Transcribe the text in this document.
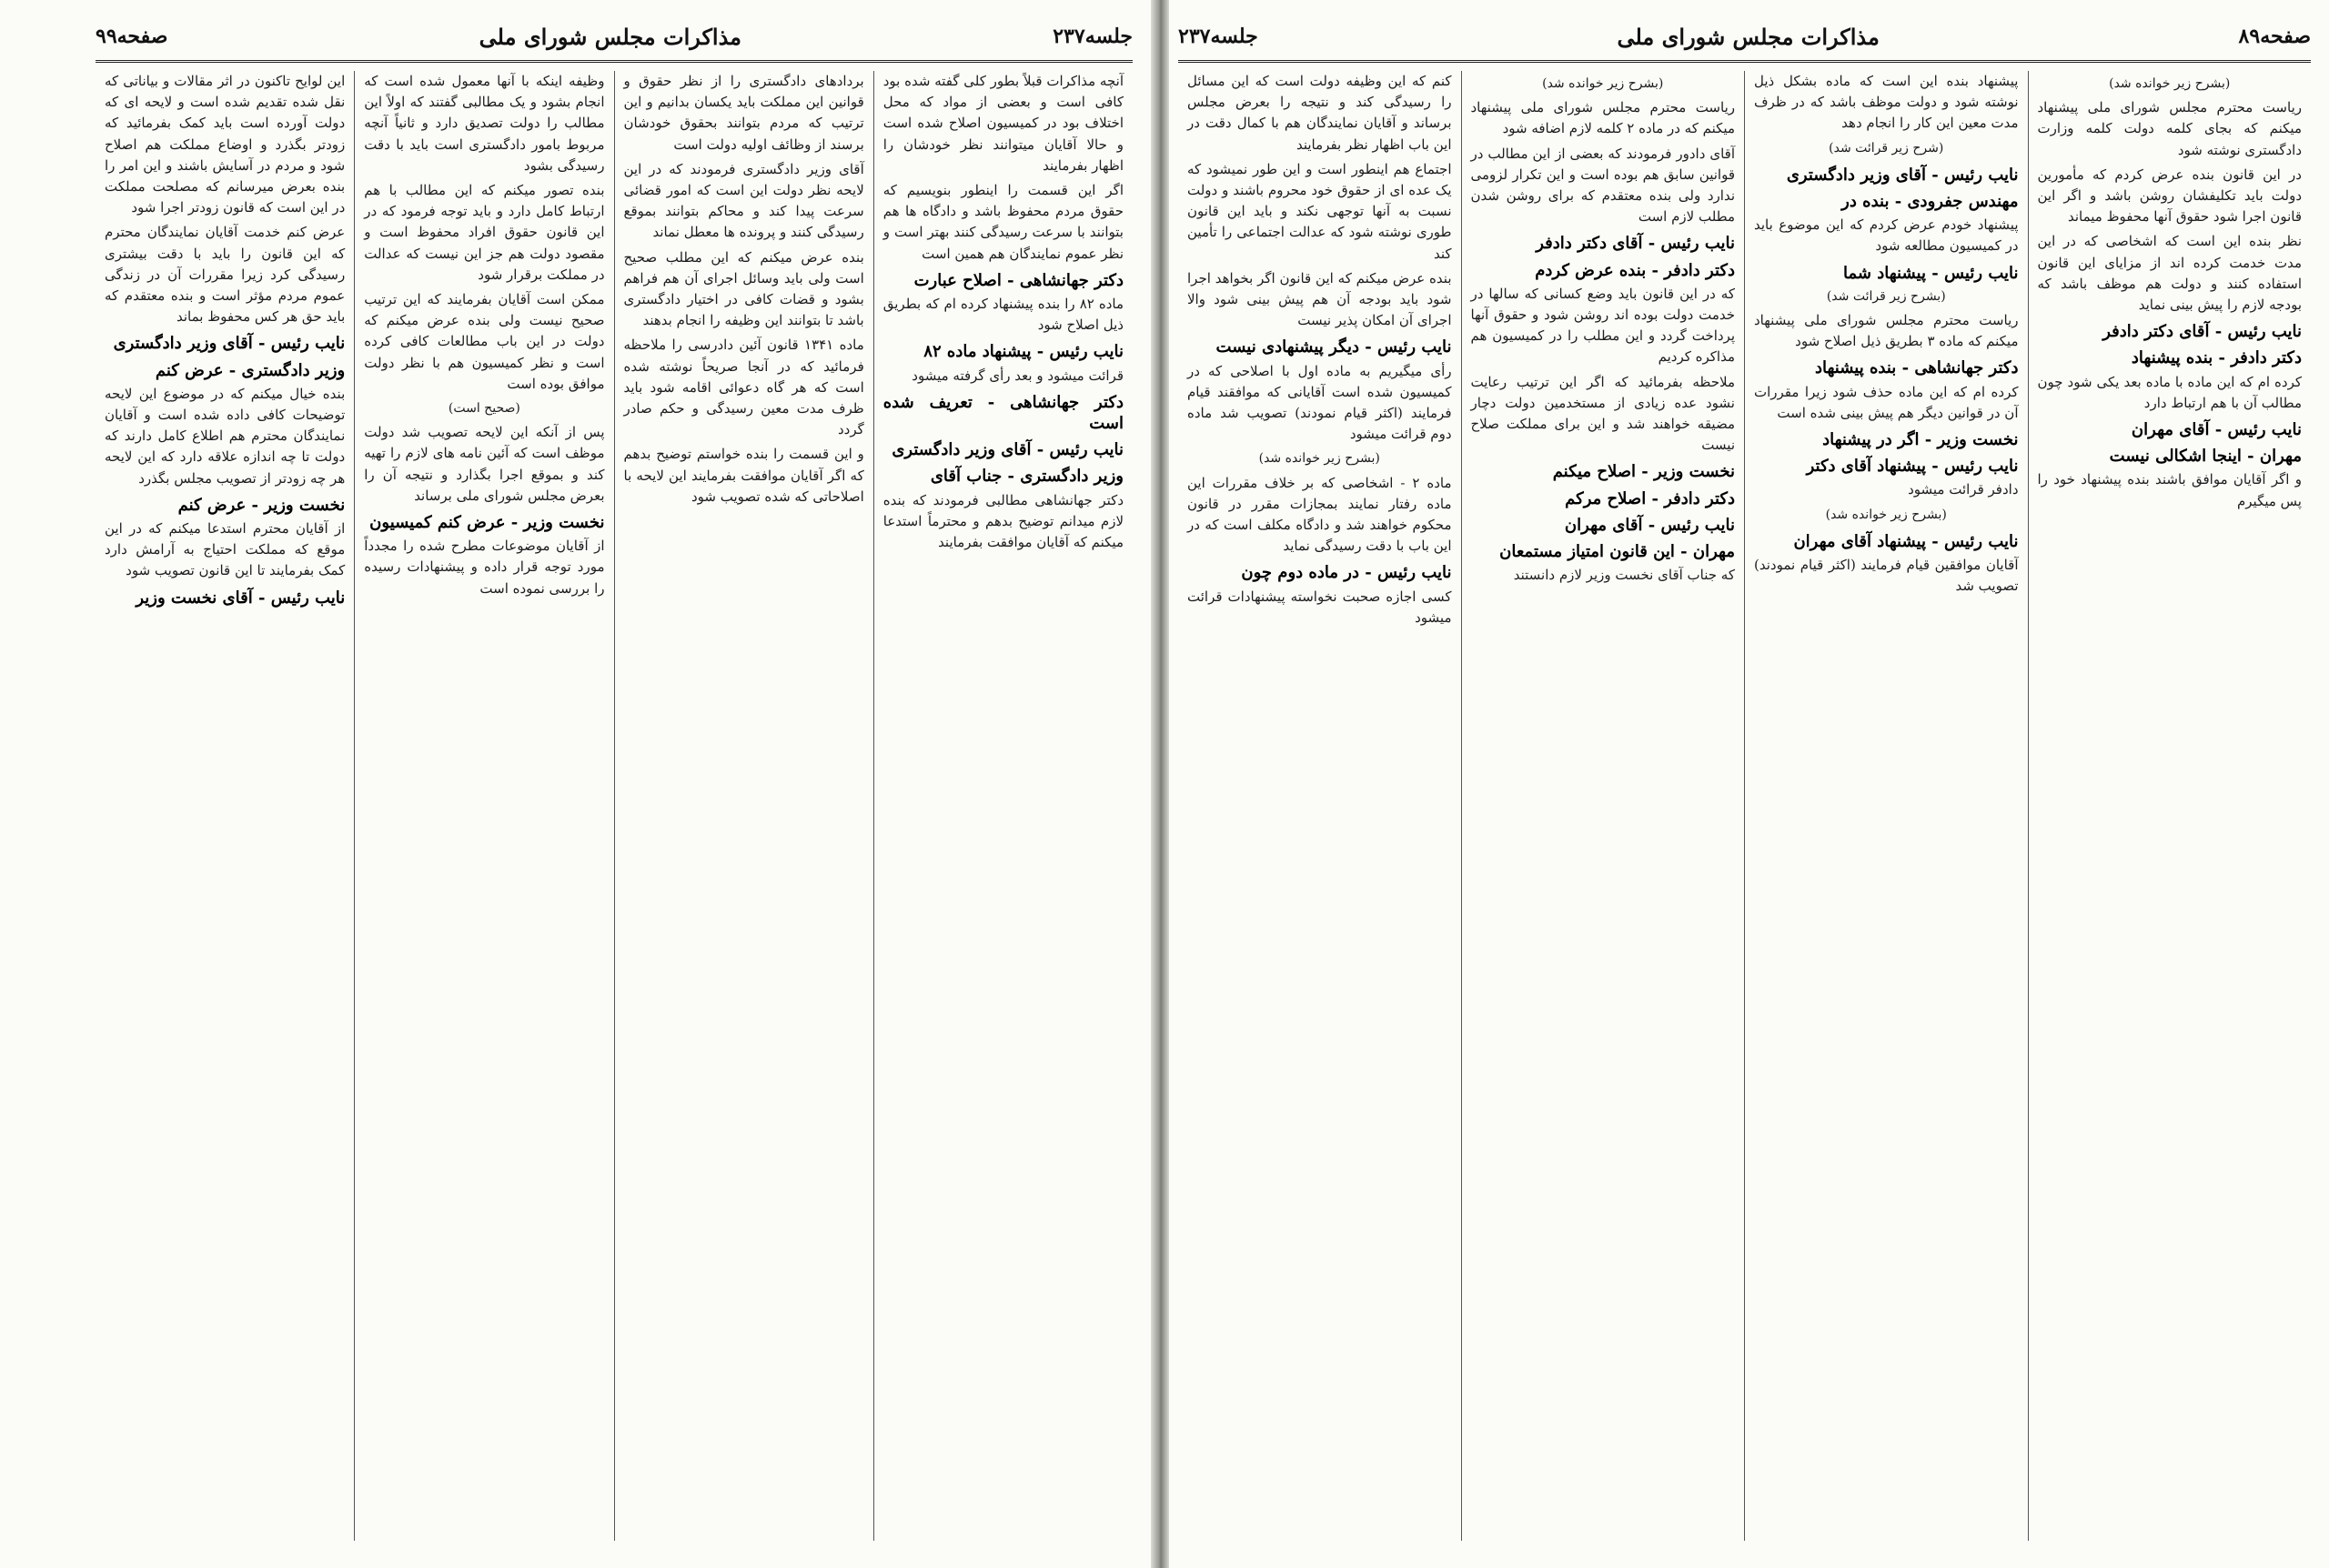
جلسه۲۳۷
مذاکرات مجلس شورای ملی
صفحه۹۹
آنچه مذاکرات قبلاً بطور کلی گفته شده بود کافی است و بعضی از مواد که محل اختلاف بود در کمیسیون اصلاح شده است و حالا آقایان میتوانند نظر خودشان را اظهار بفرمایند
اگر این قسمت را اینطور بنویسیم که حقوق مردم محفوظ باشد و دادگاه ها هم بتوانند با سرعت رسیدگی کنند بهتر است و نظر عموم نمایندگان هم همین است
دکتر جهانشاهی - اصلاح عبارت
ماده ۸۲ را بنده پیشنهاد کرده ام که بطریق ذیل اصلاح شود
نایب رئیس - پیشنهاد ماده ۸۲
قرائت میشود و بعد رأی گرفته میشود
دکتر جهانشاهی - تعریف شده است
نایب رئیس - آقای وزیر دادگستری
وزیر دادگستری - جناب آقای
دکتر جهانشاهی مطالبی فرمودند که بنده لازم میدانم توضیح بدهم و محترماً استدعا میکنم که آقایان موافقت بفرمایند
بردادهای دادگستری را از نظر حقوق و قوانین این مملکت باید یکسان بدانیم و این ترتیب که مردم بتوانند بحقوق خودشان برسند از وظائف اولیه دولت است
آقای وزیر دادگستری فرمودند که در این لایحه نظر دولت این است که امور قضائی سرعت پیدا کند و محاکم بتوانند بموقع رسیدگی کنند و پرونده ها معطل نماند
بنده عرض میکنم که این مطلب صحیح است ولی باید وسائل اجرای آن هم فراهم بشود و قضات کافی در اختیار دادگستری باشد تا بتوانند این وظیفه را انجام بدهند
ماده ۱۳۴۱ قانون آئین دادرسی را ملاحظه فرمائید که در آنجا صریحاً نوشته شده است که هر گاه دعوائی اقامه شود باید ظرف مدت معین رسیدگی و حکم صادر گردد
و این قسمت را بنده خواستم توضیح بدهم که اگر آقایان موافقت بفرمایند این لایحه با اصلاحاتی که شده تصویب شود
وظیفه اینکه با آنها معمول شده است که انجام بشود و یک مطالبی گفتند که اولاً این مطالب را دولت تصدیق دارد و ثانیاً آنچه مربوط بامور دادگستری است باید با دقت رسیدگی بشود
بنده تصور میکنم که این مطالب با هم ارتباط کامل دارد و باید توجه فرمود که در این قانون حقوق افراد محفوظ است و مقصود دولت هم جز این نیست که عدالت در مملکت برقرار شود
ممکن است آقایان بفرمایند که این ترتیب صحیح نیست ولی بنده عرض میکنم که دولت در این باب مطالعات کافی کرده است و نظر کمیسیون هم با نظر دولت موافق بوده است
(صحیح است)
پس از آنکه این لایحه تصویب شد دولت موظف است که آئین نامه های لازم را تهیه کند و بموقع اجرا بگذارد و نتیجه آن را بعرض مجلس شورای ملی برساند
نخست وزیر - عرض کنم کمیسیون
از آقایان موضوعات مطرح شده را مجدداً مورد توجه قرار داده و پیشنهادات رسیده را بررسی نموده است
این لوایح تاکنون در اثر مقالات و بیاناتی که نقل شده تقدیم شده است و لایحه ای که دولت آورده است باید کمک بفرمائید که زودتر بگذرد و اوضاع مملکت هم اصلاح شود و مردم در آسایش باشند و این امر را بنده بعرض میرسانم که مصلحت مملکت در این است که قانون زودتر اجرا شود
عرض کنم خدمت آقایان نمایندگان محترم که این قانون را باید با دقت بیشتری رسیدگی کرد زیرا مقررات آن در زندگی عموم مردم مؤثر است و بنده معتقدم که باید حق هر کس محفوظ بماند
نایب رئیس - آقای وزیر دادگستری
وزیر دادگستری - عرض کنم
بنده خیال میکنم که در موضوع این لایحه توضیحات کافی داده شده است و آقایان نمایندگان محترم هم اطلاع کامل دارند که دولت تا چه اندازه علاقه دارد که این لایحه هر چه زودتر از تصویب مجلس بگذرد
نخست وزیر - عرض کنم
از آقایان محترم استدعا میکنم که در این موقع که مملکت احتیاج به آرامش دارد کمک بفرمایند تا این قانون تصویب شود
نایب رئیس - آقای نخست وزیر
صفحه۸۹
مذاکرات مجلس شورای ملی
جلسه۲۳۷
(بشرح زیر خوانده شد)
ریاست محترم مجلس شورای ملی پیشنهاد میکنم که بجای کلمه دولت کلمه وزارت دادگستری نوشته شود
در این قانون بنده عرض کردم که مأمورین دولت باید تکلیفشان روشن باشد و اگر این قانون اجرا شود حقوق آنها محفوظ میماند
نظر بنده این است که اشخاصی که در این مدت خدمت کرده اند از مزایای این قانون استفاده کنند و دولت هم موظف باشد که بودجه لازم را پیش بینی نماید
نایب رئیس - آقای دکتر دادفر
دکتر دادفر - بنده پیشنهاد
کرده ام که این ماده با ماده بعد یکی شود چون مطالب آن با هم ارتباط دارد
نایب رئیس - آقای مهران
مهران - اینجا اشکالی نیست
و اگر آقایان موافق باشند بنده پیشنهاد خود را پس میگیرم
پیشنهاد بنده این است که ماده بشکل ذیل نوشته شود و دولت موظف باشد که در ظرف مدت معین این کار را انجام دهد
(شرح زیر قرائت شد)
نایب رئیس - آقای وزیر دادگستری
مهندس جفرودی - بنده در
پیشنهاد خودم عرض کردم که این موضوع باید در کمیسیون مطالعه شود
نایب رئیس - پیشنهاد شما
(بشرح زیر قرائت شد)
ریاست محترم مجلس شورای ملی پیشنهاد میکنم که ماده ۳ بطریق ذیل اصلاح شود
دکتر جهانشاهی - بنده پیشنهاد
کرده ام که این ماده حذف شود زیرا مقررات آن در قوانین دیگر هم پیش بینی شده است
نخست وزیر - اگر در پیشنهاد
نایب رئیس - پیشنهاد آقای دکتر
دادفر قرائت میشود
(بشرح زیر خوانده شد)
نایب رئیس - پیشنهاد آقای مهران
آقایان موافقین قیام فرمایند (اکثر قیام نمودند) تصویب شد
(بشرح زیر خوانده شد)
ریاست محترم مجلس شورای ملی پیشنهاد میکنم که در ماده ۲ کلمه لازم اضافه شود
آقای دادور فرمودند که بعضی از این مطالب در قوانین سابق هم بوده است و این تکرار لزومی ندارد ولی بنده معتقدم که برای روشن شدن مطلب لازم است
نایب رئیس - آقای دکتر دادفر
دکتر دادفر - بنده عرض کردم
که در این قانون باید وضع کسانی که سالها در خدمت دولت بوده اند روشن شود و حقوق آنها پرداخت گردد و این مطلب را در کمیسیون هم مذاکره کردیم
ملاحظه بفرمائید که اگر این ترتیب رعایت نشود عده زیادی از مستخدمین دولت دچار مضیقه خواهند شد و این برای مملکت صلاح نیست
نخست وزیر - اصلاح میکنم
دکتر دادفر - اصلاح مرکم
نایب رئیس - آقای مهران
مهران - این قانون امتیاز مستمعان
که جناب آقای نخست وزیر لازم دانستند
کنم که این وظیفه دولت است که این مسائل را رسیدگی کند و نتیجه را بعرض مجلس برساند و آقایان نمایندگان هم با کمال دقت در این باب اظهار نظر بفرمایند
اجتماع هم اینطور است و این طور نمیشود که یک عده ای از حقوق خود محروم باشند و دولت نسبت به آنها توجهی نکند و باید این قانون طوری نوشته شود که عدالت اجتماعی را تأمین کند
بنده عرض میکنم که این قانون اگر بخواهد اجرا شود باید بودجه آن هم پیش بینی شود والا اجرای آن امکان پذیر نیست
نایب رئیس - دیگر پیشنهادی نیست
رأی میگیریم به ماده اول با اصلاحی که در کمیسیون شده است آقایانی که موافقند قیام فرمایند (اکثر قیام نمودند) تصویب شد ماده دوم قرائت میشود
(بشرح زیر خوانده شد)
ماده ۲ - اشخاصی که بر خلاف مقررات این ماده رفتار نمایند بمجازات مقرر در قانون محکوم خواهند شد و دادگاه مکلف است که در این باب با دقت رسیدگی نماید
نایب رئیس - در ماده دوم چون
کسی اجازه صحبت نخواسته پیشنهادات قرائت میشود
